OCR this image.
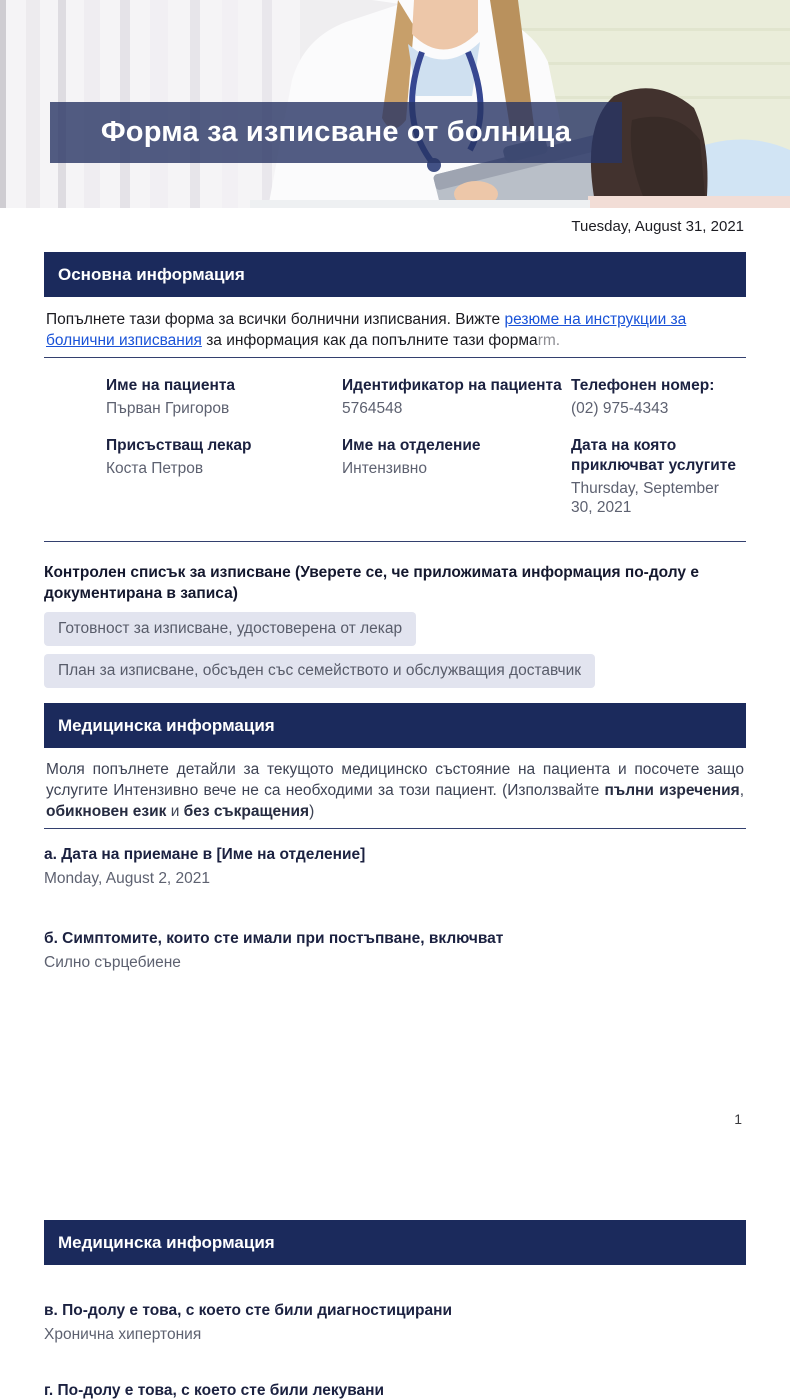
Форма за изписване от болница
Tuesday, August 31, 2021
Основна информация

Попълнете тази форма за всички болнични изписвания. Вижте резюме на инструкции за болнични изписвания за информация как да попълните тази формаrm.

Име на пациента
Първан Григоров
Присъстващ лекар
Коста Петров
Идентификатор на пациента
5764548
Име на отделение
Интензивно
Телефонен номер:
(02) 975-4343
Дата на която приключват услугите
Thursday, September 30, 2021
Контролен списък за изписване (Уверете се, че приложимата информация по-долу е документирана в записа)
Готовност за изписване, удостоверена от лекар
План за изписване, обсъден със семейството и обслужващия доставчик
Медицинска информация

Моля попълнете детайли за текущото медицинско състояние на пациента и посочете защо услугите Интензивно вече не са необходими за този пациент. (Използвайте пълни изречения, обикновен език и без съкращения)

а. Дата на приемане в [Име на отделение]
Monday, August 2, 2021
б. Симптомите, които сте имали при постъпване, включват
Силно сърцебиене
1
Медицинска информация
в. По-долу е това, с което сте били диагностицирани
Хронична хипертония
г. По-долу е това, с което сте били лекувани
